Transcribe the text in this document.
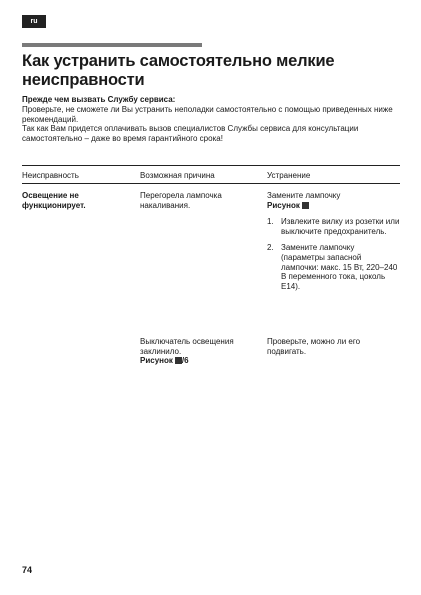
ru
Как устранить самостоятельно мелкие неисправности

Прежде чем вызвать Службу сервиса:

Проверьте, не сможете ли Вы устранить неполадки самостоятельно с помощью приведенных ниже рекомендаций.

Так как Вам придется оплачивать вызов специалистов Службы сервиса для консультации самостоятельно – даже во время гарантийного срока!

Неисправность	Возможная причина	Устранение
Освещение не функционирует.
Перегорела лампочка накаливания.
Замените лампочку
Рисунок
1. Извлеките вилку из розетки или выключите предохранитель.
2. Замените лампочку (параметры запасной лампочки: макс. 15 Вт, 220–240 В переменного тока, цоколь E14).
Выключатель освещения заклинило.
Рисунок /6
Проверьте, можно ли его подвигать.
74
